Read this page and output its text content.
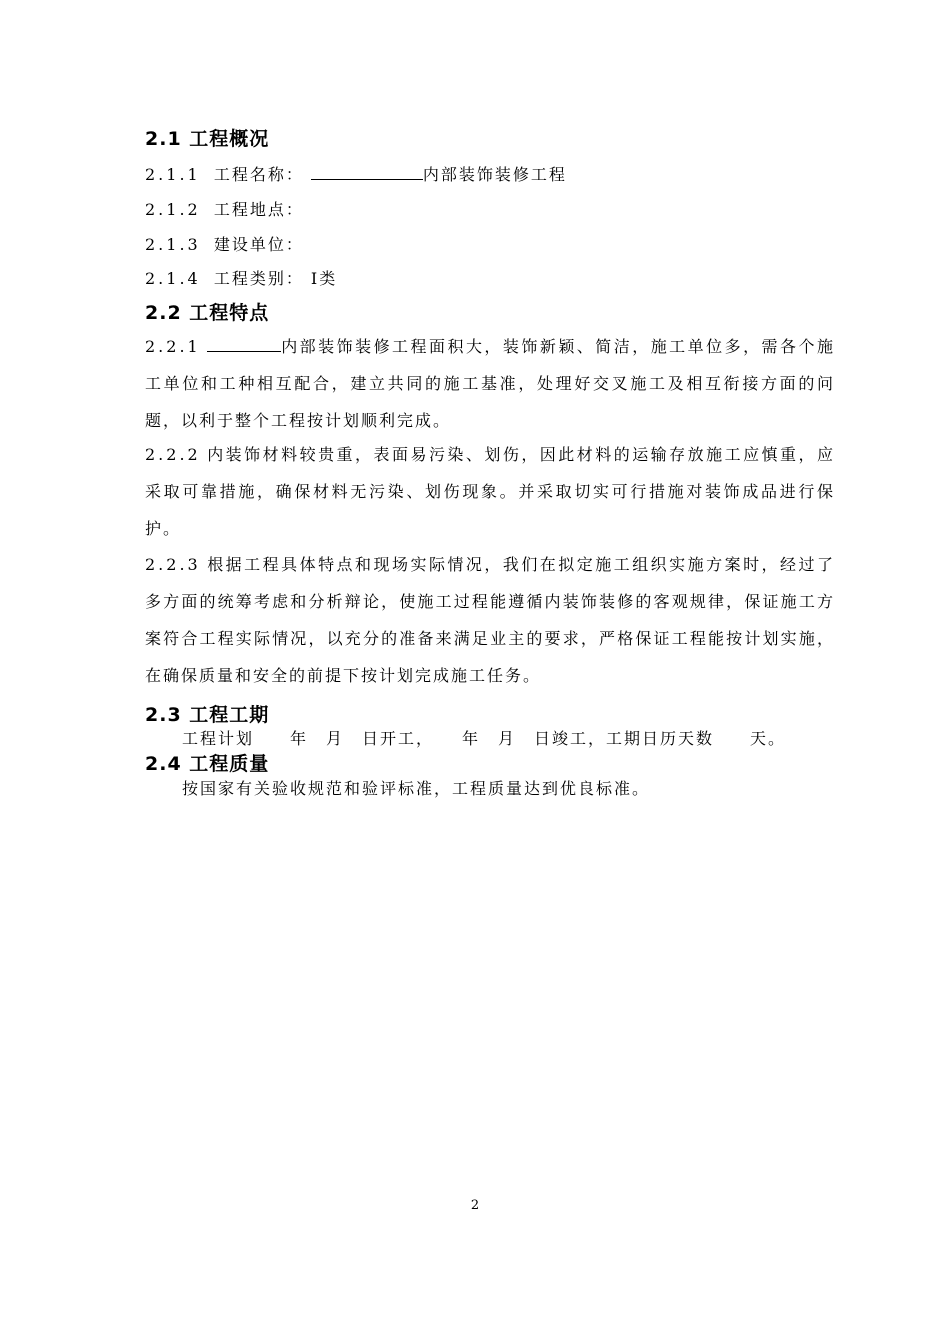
2.1 工程概况
2.1.1 工程名称：	内部装饰装修工程
2.1.2 工程地点：
2.1.3 建设单位：
2.1.4 工程类别： Ⅰ类
2.2 工程特点
2.2.1	内部装饰装修工程面积大，装饰新颖、简洁，施工单位多，需各个施工单位和工种相互配合，建立共同的施工基准，处理好交叉施工及相互衔接方面的问题，以利于整个工程按计划顺利完成。
2.2.2 内装饰材料较贵重，表面易污染、划伤，因此材料的运输存放施工应慎重，应采取可靠措施，确保材料无污染、划伤现象。并采取切实可行措施对装饰成品进行保护。
2.2.3 根据工程具体特点和现场实际情况，我们在拟定施工组织实施方案时，经过了多方面的统筹考虑和分析辩论，使施工过程能遵循内装饰装修的客观规律，保证施工方案符合工程实际情况，以充分的准备来满足业主的要求，严格保证工程能按计划实施，在确保质量和安全的前提下按计划完成施工任务。
2.3 工程工期
工程计划　　年　月　日开工，　　年　月　日竣工，工期日历天数　　天。
2.4 工程质量
按国家有关验收规范和验评标准，工程质量达到优良标准。
2
